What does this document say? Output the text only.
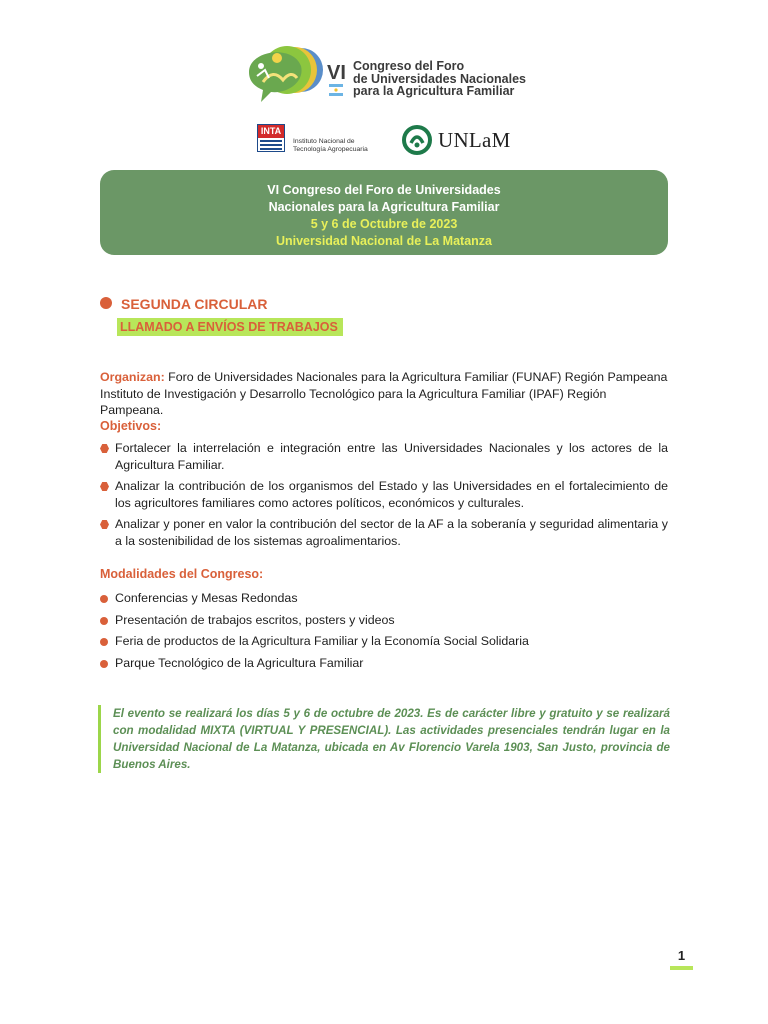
VI Congreso del Foro
de Universidades Nacionales
para la Agricultura Familiar
INTA
Instituto Nacional de
Tecnología Agropecuaria	UNLaM
VI Congreso del Foro de Universidades
Nacionales para la Agricultura Familiar
5 y 6 de Octubre de 2023
Universidad Nacional de La Matanza
SEGUNDA CIRCULAR
LLAMADO A ENVÍOS DE TRABAJOS
Organizan: Foro de Universidades Nacionales para la Agricultura Familiar (FUNAF) Región Pampeana Instituto de Investigación y Desarrollo Tecnológico para la Agricultura Familiar (IPAF) Región Pampeana.
Objetivos:
Fortalecer la interrelación e integración entre las Universidades Nacionales y los actores de la Agricultura Familiar.
Analizar la contribución de los organismos del Estado y las Universidades en el fortalecimiento de los agricultores familiares como actores políticos, económicos y culturales.
Analizar y poner en valor la contribución del sector de la AF a la soberanía y seguridad alimentaria y a la sostenibilidad de los sistemas agroalimentarios.
Modalidades del Congreso:
Conferencias y Mesas Redondas
Presentación de trabajos escritos, posters y videos
Feria de productos de la Agricultura Familiar y la Economía Social Solidaria
Parque Tecnológico de la Agricultura Familiar
El evento se realizará los días 5 y 6 de octubre de 2023. Es de carácter libre y gratuito y se realizará con modalidad MIXTA (VIRTUAL Y PRESENCIAL). Las actividades presenciales tendrán lugar en la Universidad Nacional de La Matanza, ubicada en Av Florencio Varela 1903, San Justo, provincia de Buenos Aires.
1
